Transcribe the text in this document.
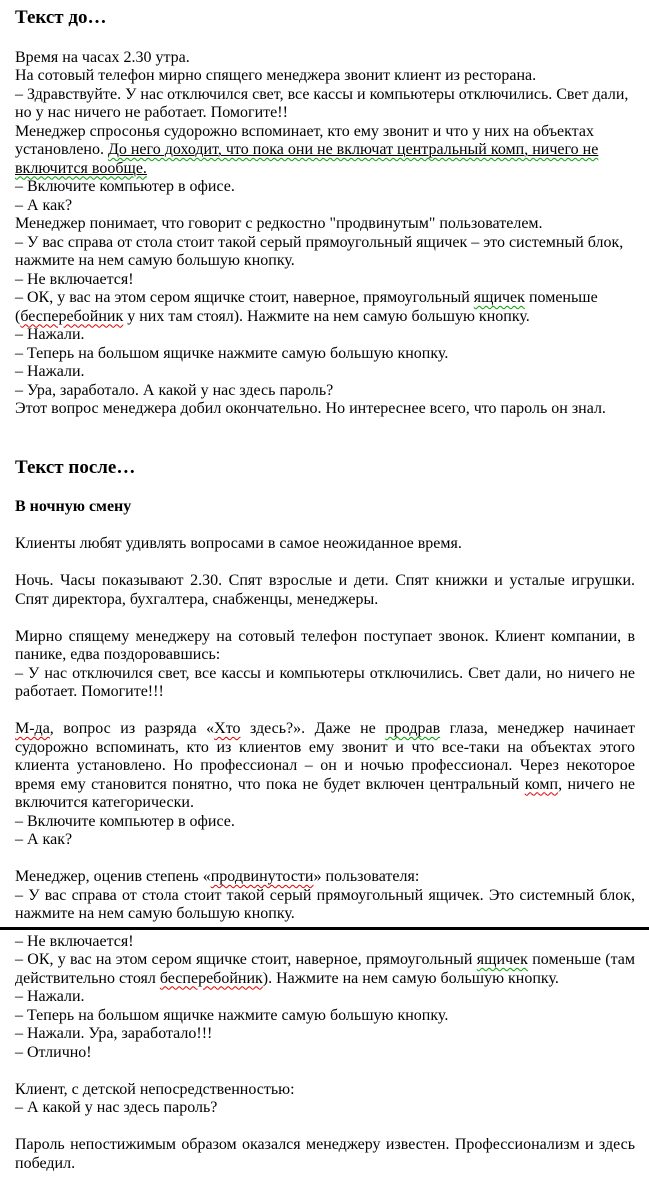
Текст до…

Время на часах 2.30 утра.

На сотовый телефон мирно спящего менеджера звонит клиент из ресторана.

– Здравствуйте. У нас отключился свет, все кассы и компьютеры отключились. Свет дали, но у нас ничего не работает. Помогите!!

Менеджер спросонья судорожно вспоминает, кто ему звонит и что у них на объектах установлено. До него доходит, что пока они не включат центральный комп, ничего не включится вообще.

– Включите компьютер в офисе.

– А как?

Менеджер понимает, что говорит с редкостно "продвинутым" пользователем.

– У вас справа от стола стоит такой серый прямоугольный ящичек – это системный блок, нажмите на нем самую большую кнопку.

– Не включается!

– ОК, у вас на этом сером ящичке стоит, наверное, прямоугольный ящичек поменьше (бесперебойник у них там стоял). Нажмите на нем самую большую кнопку.

– Нажали.

– Теперь на большом ящичке нажмите самую большую кнопку.

– Нажали.

– Ура, заработало. А какой у нас здесь пароль?

Этот вопрос менеджера добил окончательно. Но интереснее всего, что пароль он знал.

Текст после…

В ночную смену

Клиенты любят удивлять вопросами в самое неожиданное время.

Ночь. Часы показывают 2.30. Спят взрослые и дети. Спят книжки и усталые игрушки. Спят директора, бухгалтера, снабженцы, менеджеры.

Мирно спящему менеджеру на сотовый телефон поступает звонок. Клиент компании, в панике, едва поздоровавшись:

– У нас отключился свет, все кассы и компьютеры отключились. Свет дали, но ничего не работает. Помогите!!!

М-да, вопрос из разряда «Хто здесь?». Даже не продрав глаза, менеджер начинает судорожно вспоминать, кто из клиентов ему звонит и что все-таки на объектах этого клиента установлено. Но профессионал – он и ночью профессионал. Через некоторое время ему становится понятно, что пока не будет включен центральный комп, ничего не включится категорически.

– Включите компьютер в офисе.

– А как?

Менеджер, оценив степень «продвинутости» пользователя:

– У вас справа от стола стоит такой серый прямоугольный ящичек. Это системный блок, нажмите на нем самую большую кнопку.

– Не включается!

– ОК, у вас на этом сером ящичке стоит, наверное, прямоугольный ящичек поменьше (там действительно стоял бесперебойник). Нажмите на нем самую большую кнопку.

– Нажали.

– Теперь на большом ящичке нажмите самую большую кнопку.

– Нажали. Ура, заработало!!!

– Отлично!

Клиент, с детской непосредственностью:

– А какой у нас здесь пароль?

Пароль непостижимым образом оказался менеджеру известен. Профессионализм и здесь победил.
